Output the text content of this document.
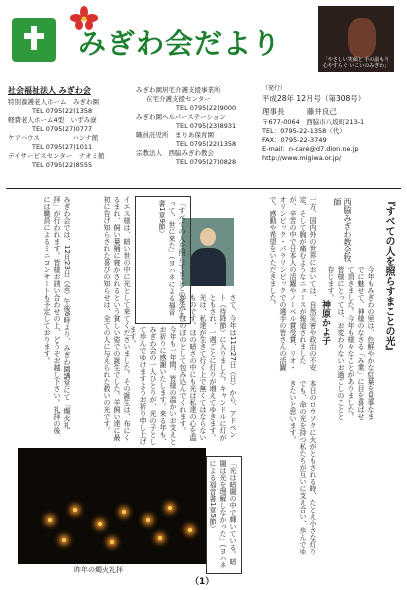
みぎわ会だより	「やさしい笑顔と 手の温もり
心やすらぐ いこいのみぎわ」
社会福祉法人 みぎわ会
特別養護老人ホーム　みぎわ園
TEL 0795(22)1358
軽費老人ホーム4型　いずみ寮
TEL 0795(27)0777
ケアハウス　　　　　ハンナ館
TEL 0795(27)1011
デイサービスセンター　ナオミ館
TEL 0795(22)8555
みぎわ園居宅介護支援事業所
在宅介護支援センター
TEL 0795(22)9000
みぎわ園ヘルパーステーション
TEL 0795(23)8931
職員託児所　まりあ保育園
TEL 0795(22)1358
宗教法人　西脇みぎわ教会
TEL 0795(27)0828
（発行）
平成28年 12月号（第308号）
理事長	藤井良己
〒677-0064　西脇市八坂町213-1
TEL：0795-22-1358（代）
FAX：0795-22-3749
E-mail：n-care@d7.dion.ne.jp
http://www.migiwa.or.jp/
『すべての人を照らすまことの光』
西脇みぎわ教会牧師
神原かよ子	今年もみぎわの里は、色鮮やかな紅葉を見事なまでに魅せて、神様のなさる「み業」に目を喜ばせて頂きました。今年も様々なことがありました。皆様にとっては、お変わりないお過ごしのことと存じます。
一方、国内外の世界においては、自然災害や政治の不安定、そして胸が痛むようなニュースが報道されましたが、辛苦の中で日本人の活躍やノーベル賞受賞、リオ・オリンピック・パラリンピックでの選手の皆さんの活躍で、感動や希望をいただきました。
さて、今年は11月27日（日）から、アドベント（待降節）に入りました。キャンドルに灯がともされ、一週ごとに灯りが増えてゆきます。光は、私達が生きて行く上で無くてはならないものです。ほの暗さの中にも光は私達の心を温かく、ほのぼのとして包み込んでくれます。
「すべての人を照らすまことの光があって、世に来た」（ヨハネによる福音書1章9節）
「光は暗闇の中で輝いている。暗闇は光を理解しなかった」（ヨハネによる福音書1章5節）	本日のロウソクに火がともされる時、たとえ小さな灯りでも、命の光を持つ私たちが互いに支え合い、歩んでゆきたいと思います。
イエス様は、暗い世の中に光として来てくださいました。その誕生は、布にくるまれ、飼い葉桶に寝かされるという貧しい姿での誕生でした。羊飼い達に最初に告げ知らされた喜びの知らせは、全ての人に与えられた救いの光です。
みぎわ会では、12月23日（金）午後6時より、みぎわ園講堂にて「燭火礼拝」が行われます。皆様お誘い合わせの上、どうぞお越し下さい。礼拝の後には職員によるミニコンサートも予定しております。
今年も一年間、皆様の温かいお支えとお祈りに感謝いたします。来る年も、みぎわ会の一人ひとりが、光の子として歩んでゆけますようお祈り申し上げます。
昨年の燭火礼拝
（1）
